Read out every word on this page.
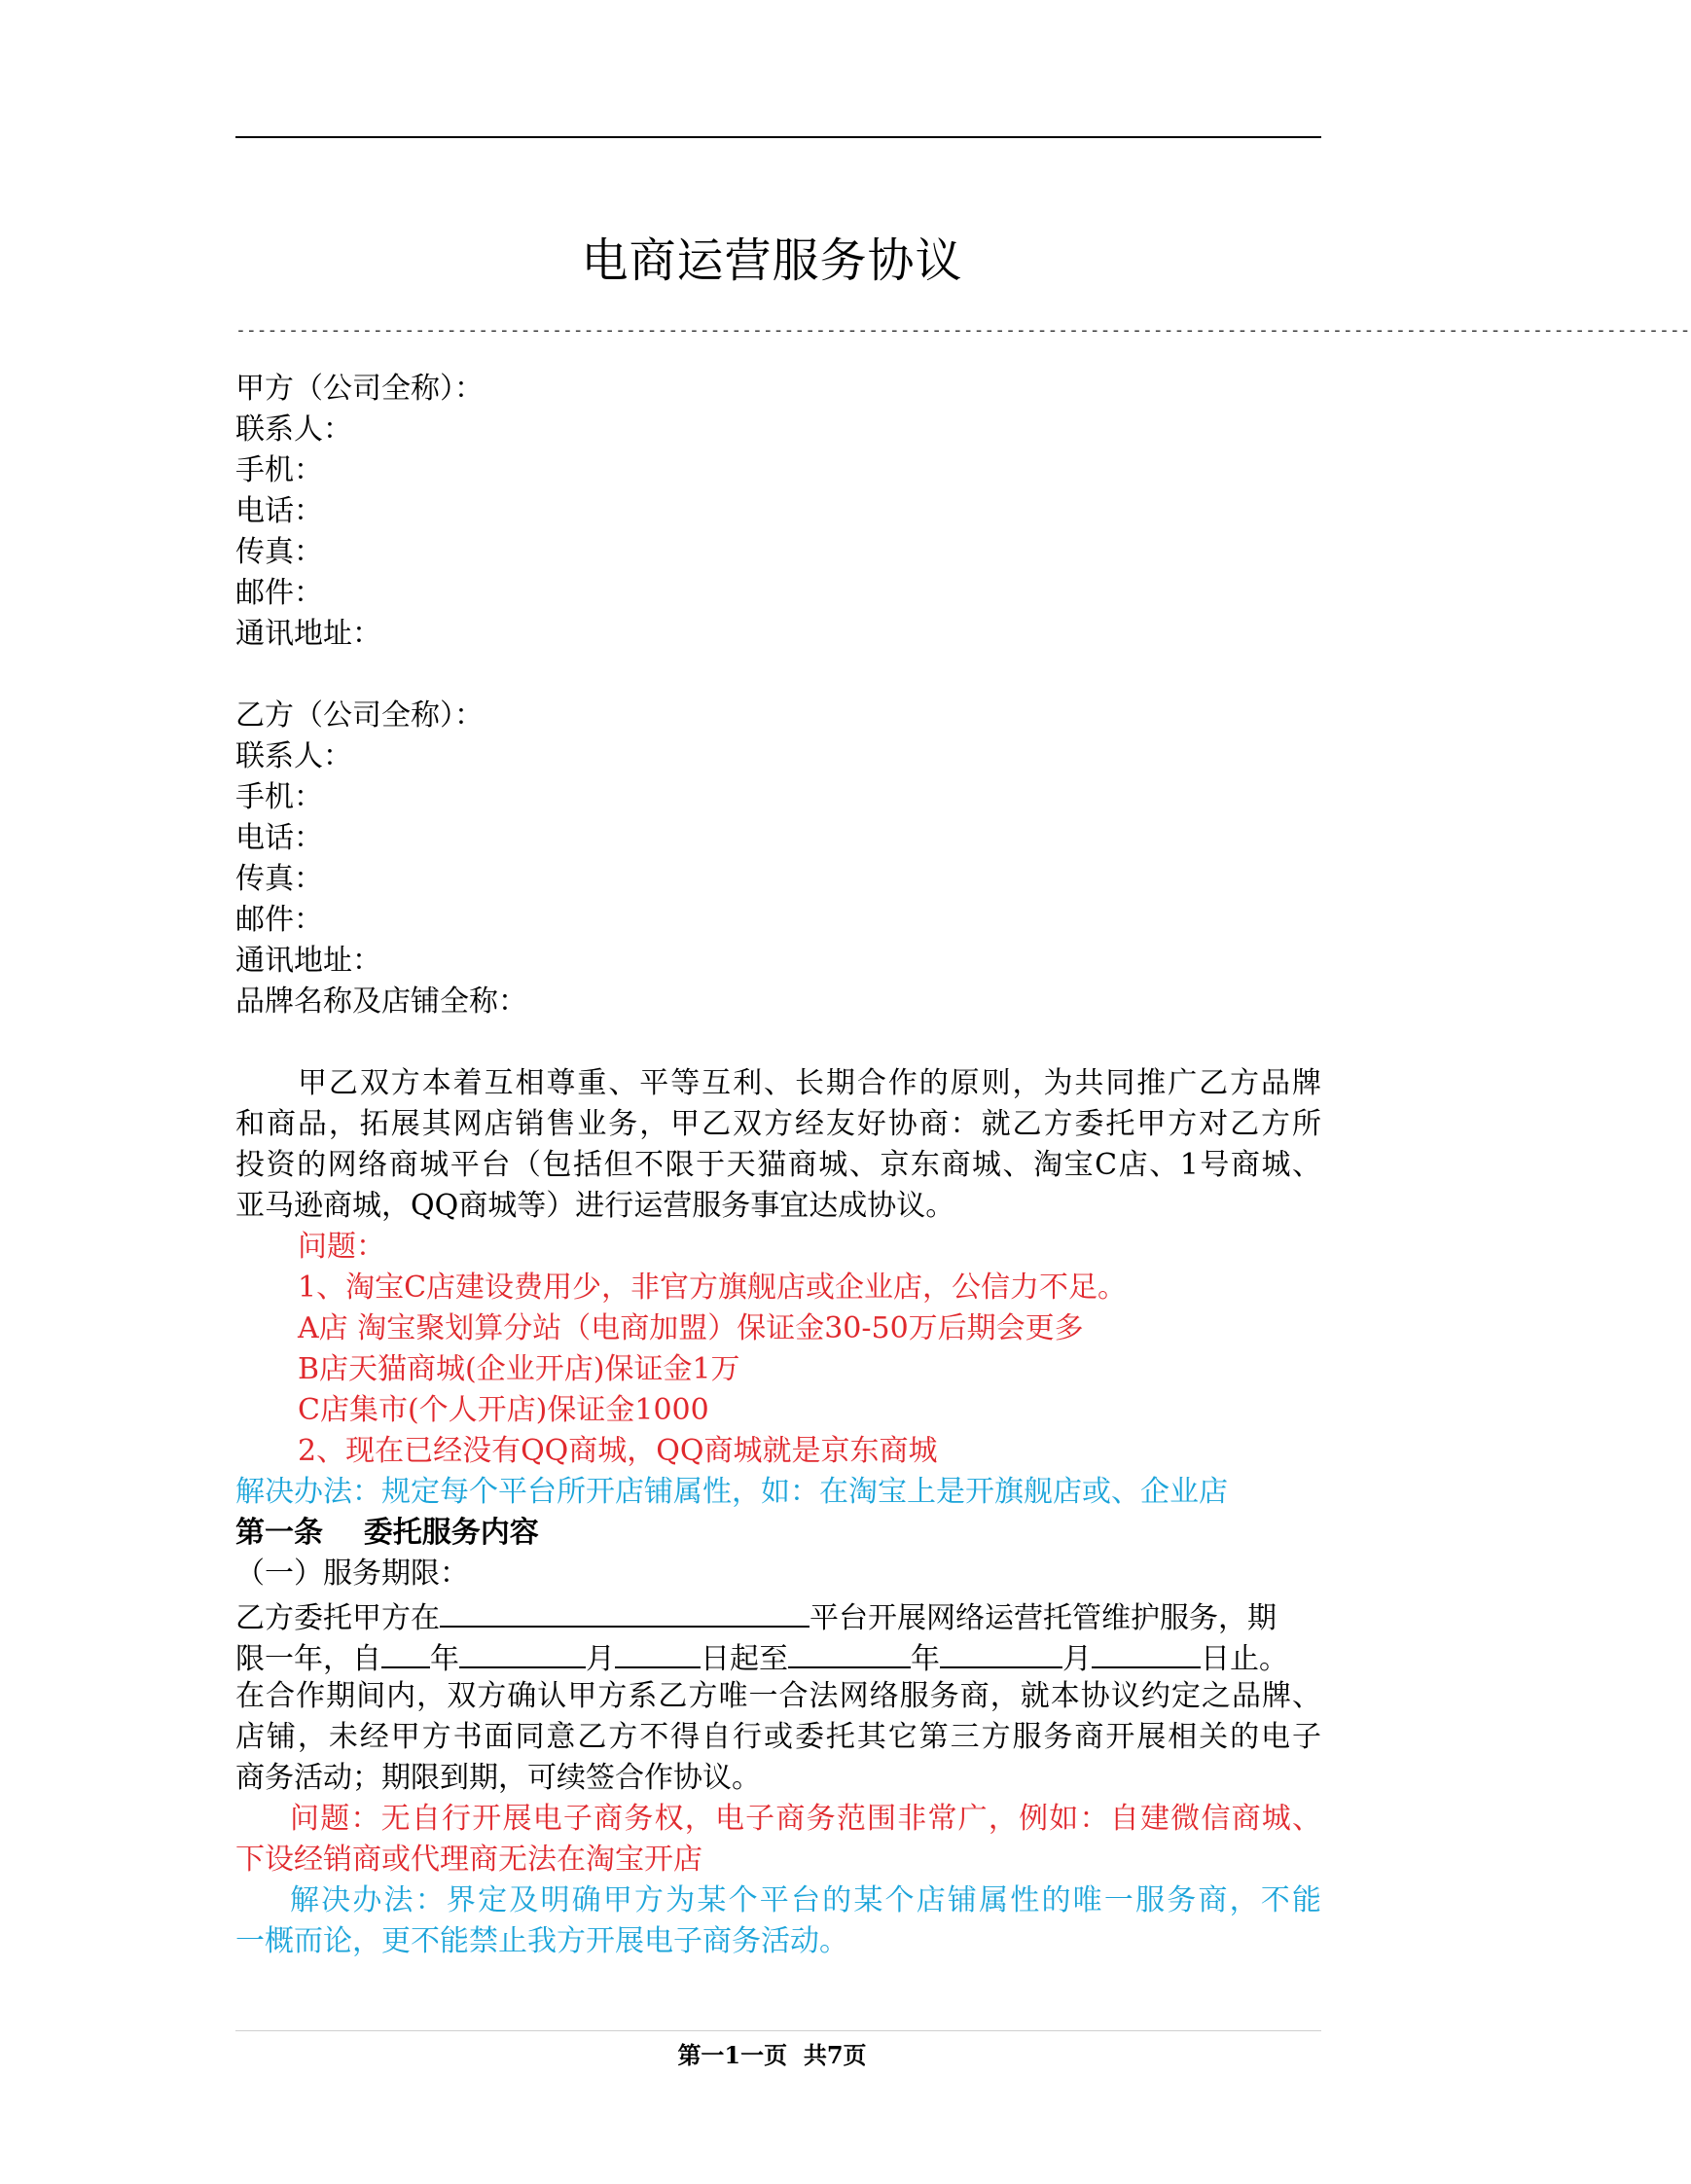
电商运营服务协议
------------------------------------------------------------------------------------------------------------------------------------------
甲方（公司全称）：
联系人：
手机：
电话：
传真：
邮件：
通讯地址：
乙方（公司全称）：
联系人：
手机：
电话：
传真：
邮件：
通讯地址：
品牌名称及店铺全称：
甲乙双方本着互相尊重、平等互利、长期合作的原则，为共同推广乙方品牌
和商品，拓展其网店销售业务，甲乙双方经友好协商：就乙方委托甲方对乙方所
投资的网络商城平台（包括但不限于天猫商城、京东商城、淘宝C店、1号商城、
亚马逊商城，QQ商城等）进行运营服务事宜达成协议。
问题：
1、淘宝C店建设费用少，非官方旗舰店或企业店，公信力不足。
A店 淘宝聚划算分站（电商加盟）保证金30-50万后期会更多
B店天猫商城(企业开店)保证金1万
C店集市(个人开店)保证金1000
2、现在已经没有QQ商城，QQ商城就是京东商城
解决办法：规定每个平台所开店铺属性，如：在淘宝上是开旗舰店或、企业店
第一条    委托服务内容
（一）服务期限：
乙方委托甲方在	平台开展网络运营托管维护服务，期
限一年，自 年	月	日起至	年	月	日止。
在合作期间内，双方确认甲方系乙方唯一合法网络服务商，就本协议约定之品牌、
店铺，未经甲方书面同意乙方不得自行或委托其它第三方服务商开展相关的电子
商务活动；期限到期，可续签合作协议。
问题：无自行开展电子商务权，电子商务范围非常广，例如：自建微信商城、
下设经销商或代理商无法在淘宝开店
解决办法：界定及明确甲方为某个平台的某个店铺属性的唯一服务商，不能
一概而论，更不能禁止我方开展电子商务活动。
第一1一页  共7页
